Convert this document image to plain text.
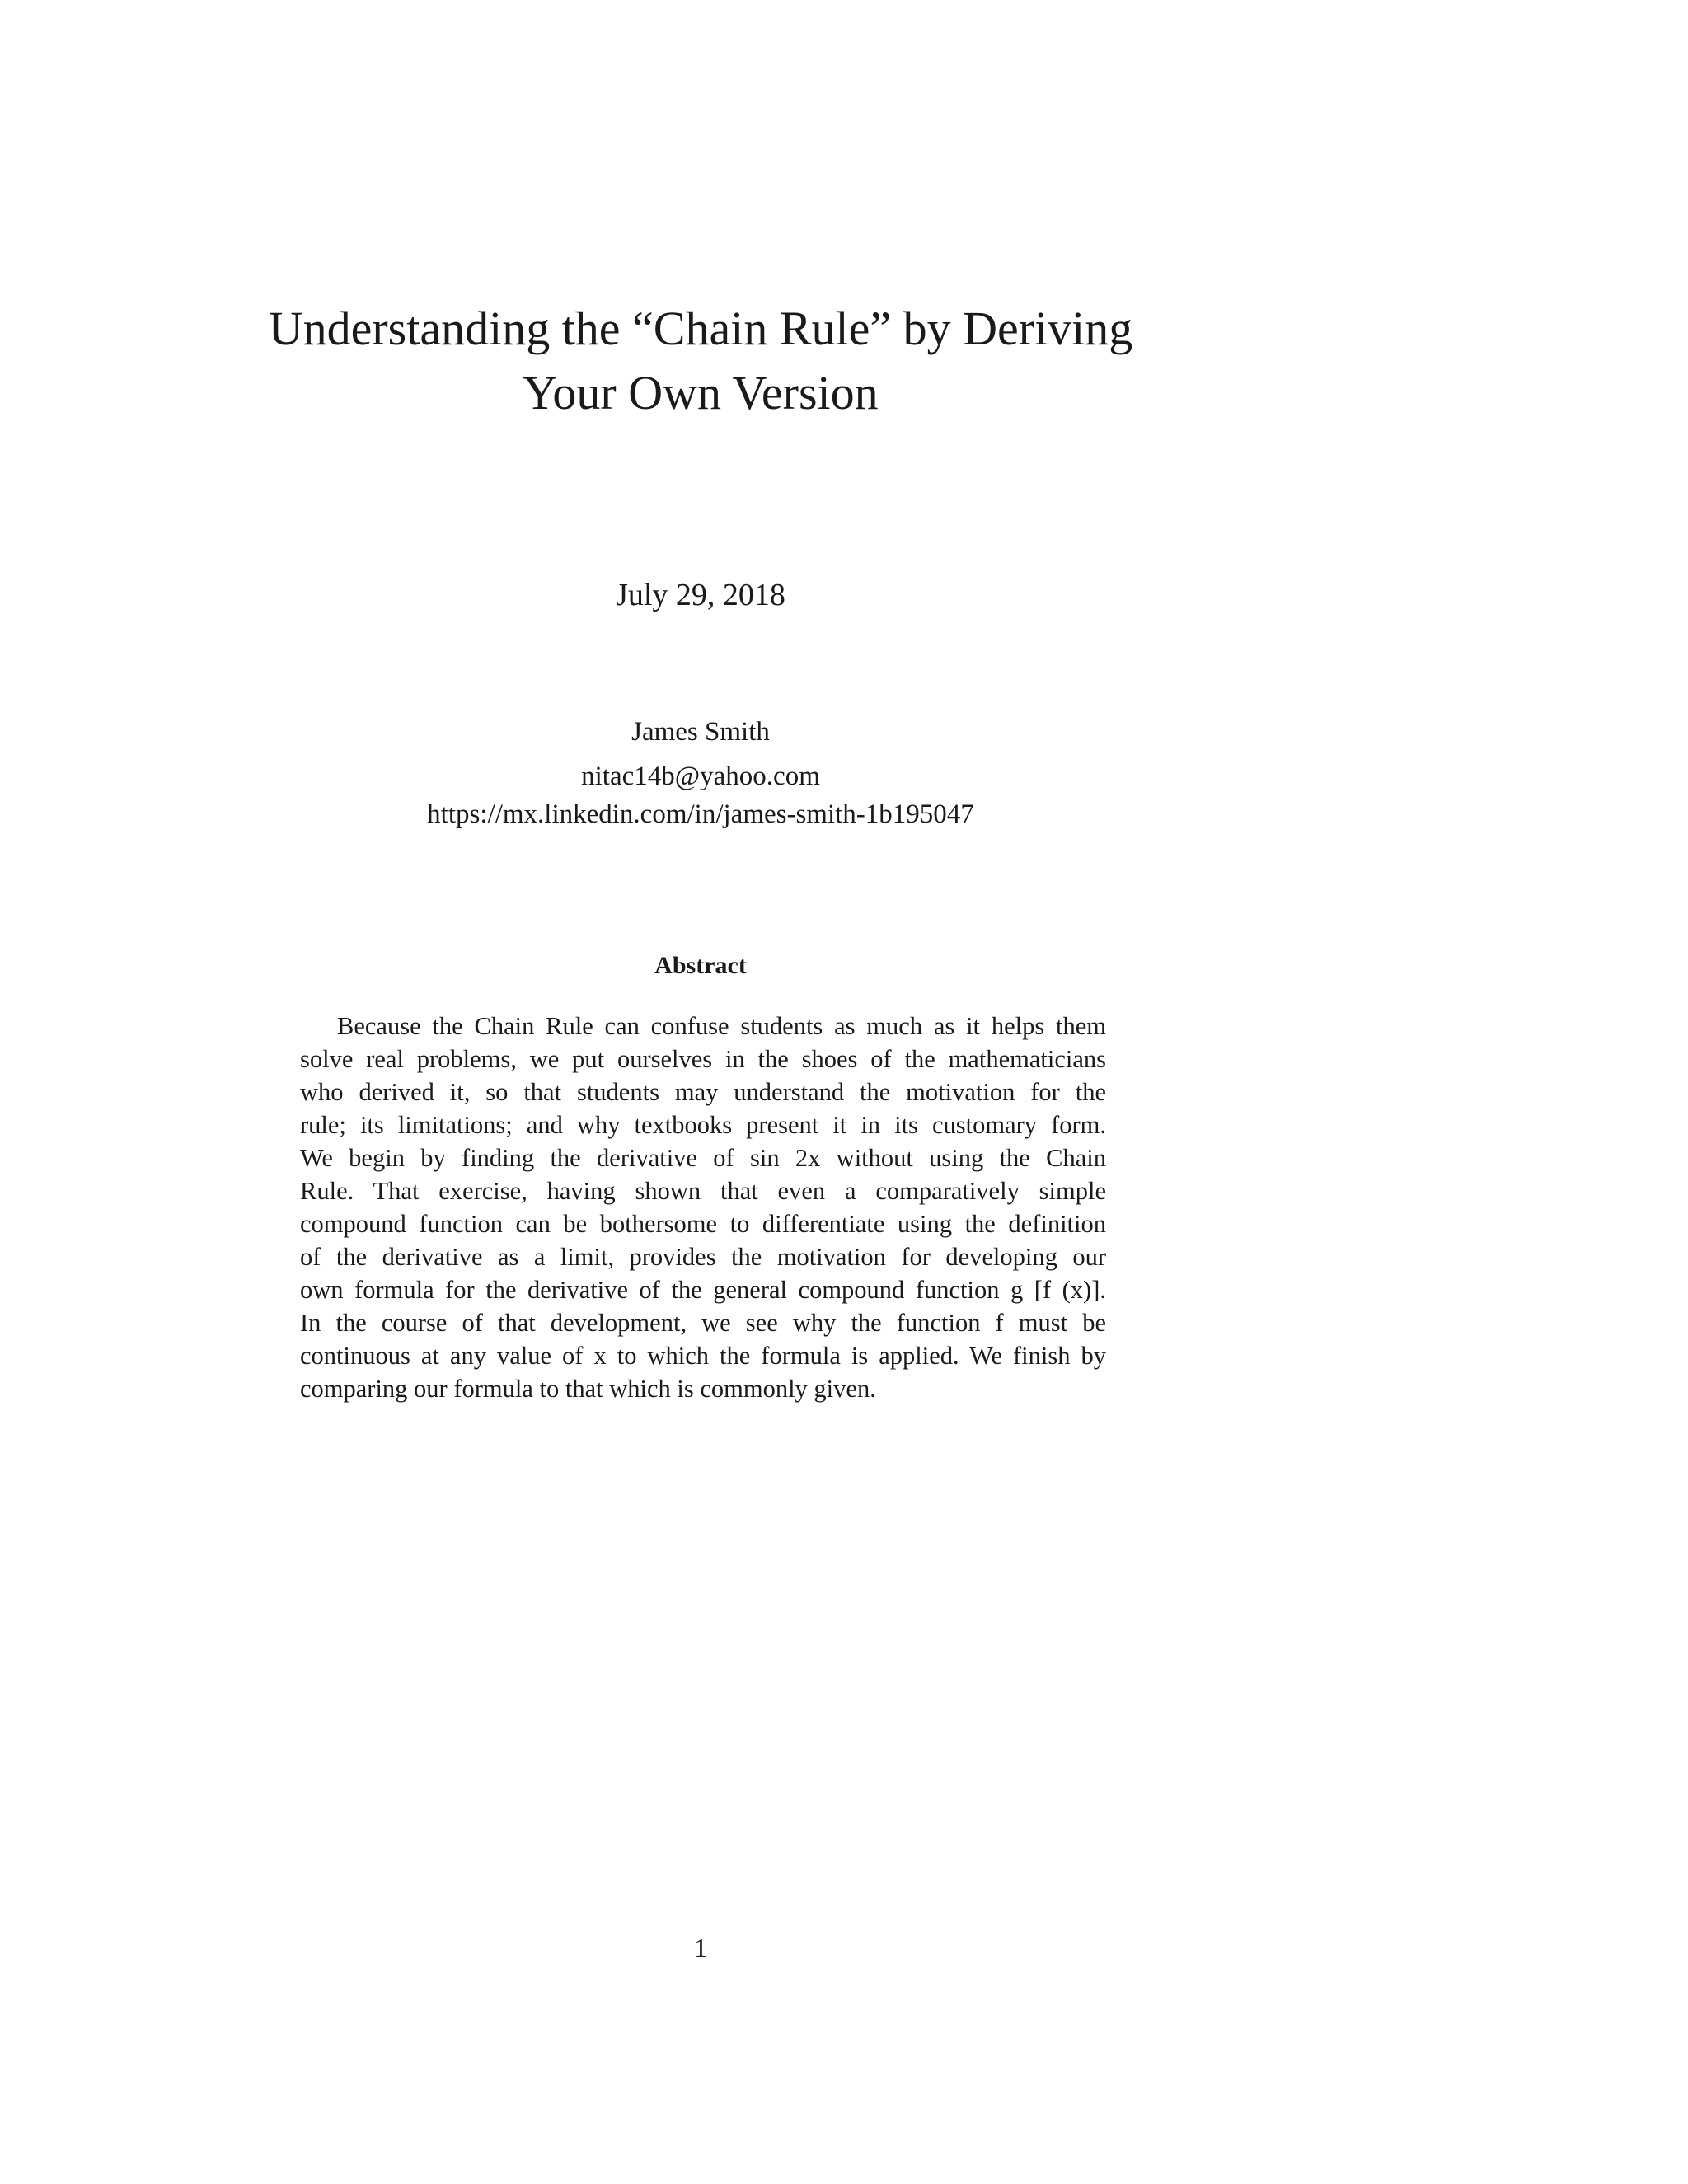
Understanding the “Chain Rule” by Deriving
Your Own Version
July 29, 2018
James Smith
nitac14b@yahoo.com
https://mx.linkedin.com/in/james-smith-1b195047
Abstract
Because the Chain Rule can confuse students as much as it helps them
solve real problems, we put ourselves in the shoes of the mathematicians
who derived it, so that students may understand the motivation for the
rule; its limitations; and why textbooks present it in its customary form.
We begin by finding the derivative of sin 2x without using the Chain
Rule. That exercise, having shown that even a comparatively simple
compound function can be bothersome to differentiate using the definition
of the derivative as a limit, provides the motivation for developing our
own formula for the derivative of the general compound function g [f (x)].
In the course of that development, we see why the function f must be
continuous at any value of x to which the formula is applied. We finish by
comparing our formula to that which is commonly given.
1
